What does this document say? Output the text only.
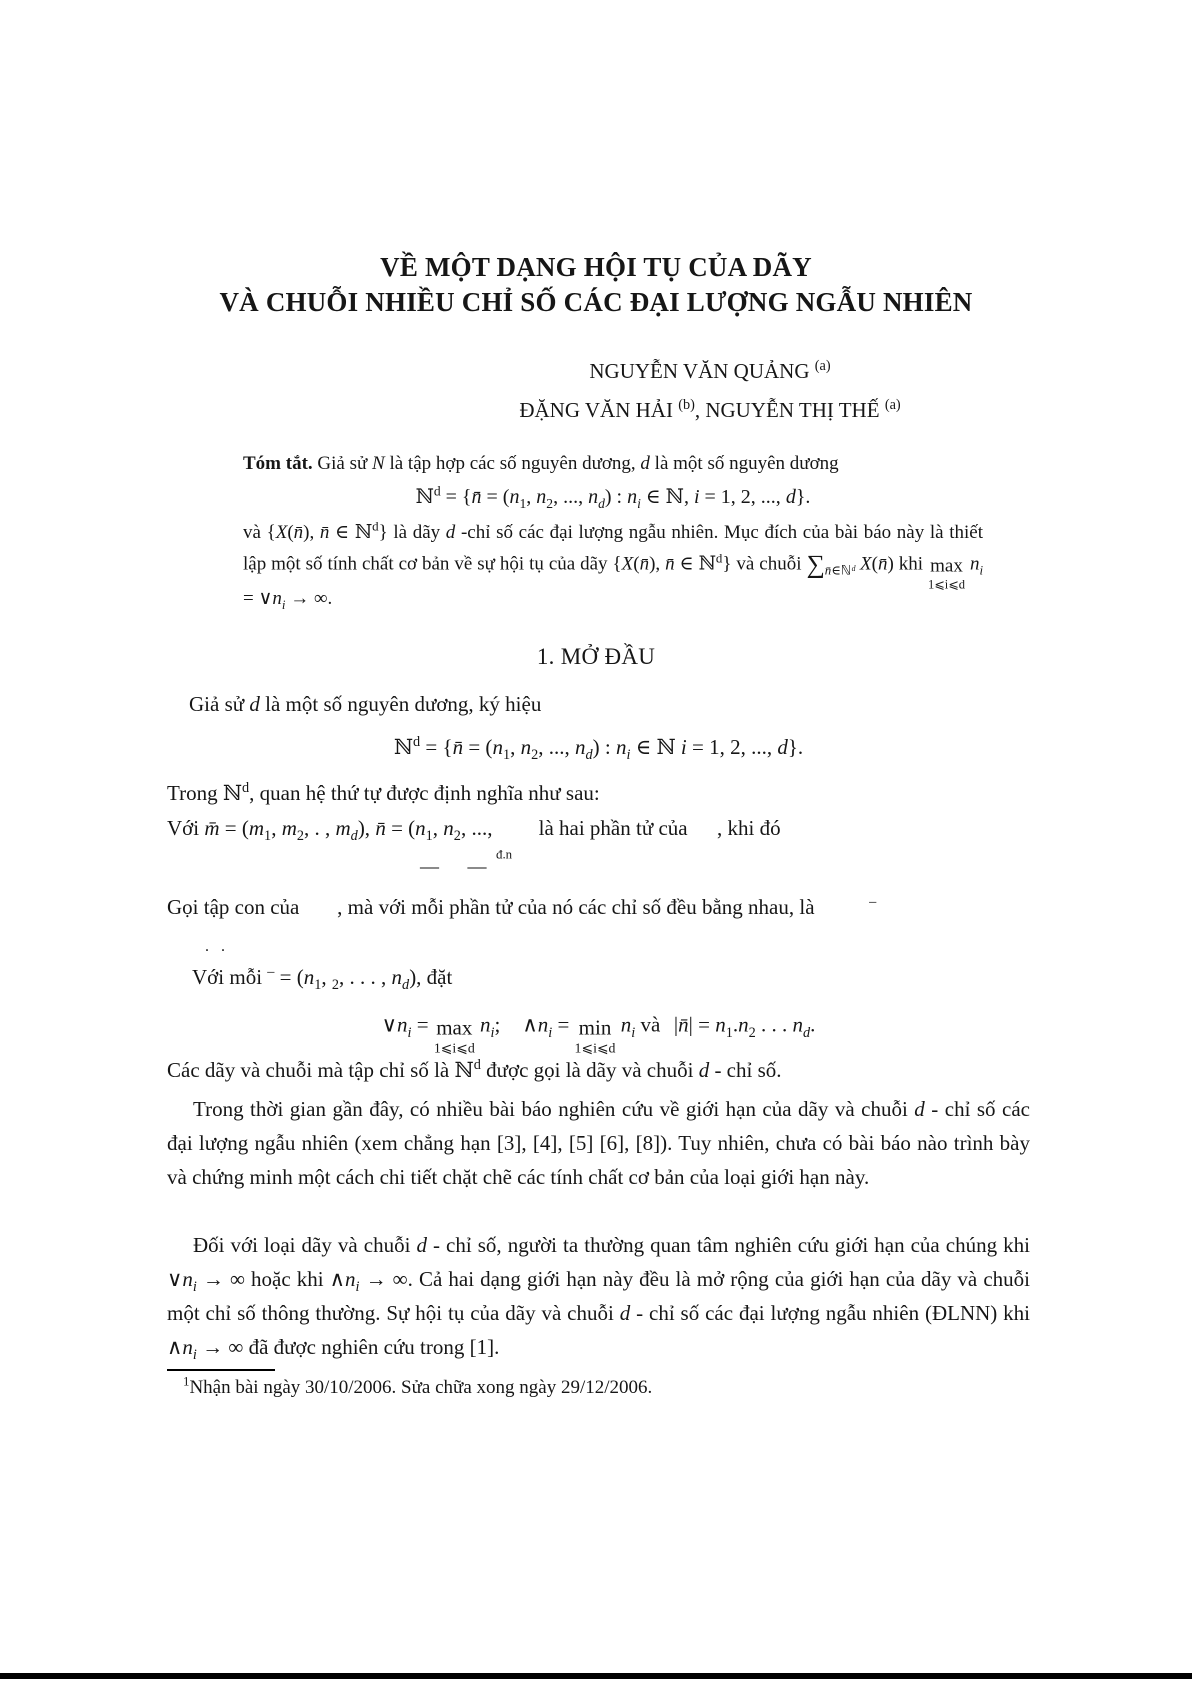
VỀ MỘT DẠNG HỘI TỤ CỦA DÃY
VÀ CHUỖI NHIỀU CHỈ SỐ CÁC ĐẠI LƯỢNG NGẪU NHIÊN
NGUYỄN VĂN QUẢNG $^{(a)}$
ĐẶNG VĂN HẢI $^{(b)}$, NGUYỄN THỊ THẾ $^{(a)}$
Tóm tắt. Giả sử N là tập hợp các số nguyên dương, d là một số nguyên dương
ℕ$^d$ = {n̄ = ($n_1$, $n_2$, ..., $n_d$) : $n_i$ ∈ ℕ, i = 1, 2, ..., d}.
và {X(n̄), n̄ ∈ ℕ$^d$} là dãy d -chỉ số các đại lượng ngẫu nhiên. Mục đích của bài báo này là thiết lập một số tính chất cơ bản về sự hội tụ của dãy {X(n̄), n̄ ∈ ℕ$^d$} và chuỗi $\sum_{n̄\in ℕᵈ}$ X(n̄) khi max
1⩽i⩽d
$n_i$ = $\vee n_i$ → ∞.
1. MỞ ĐẦU
Giả sử d là một số nguyên dương, ký hiệu
ℕ$^d$ = {n̄ = ($n_1$, $n_2$, ..., $n_d$) : $n_i$ ∈ ℕ i = 1, 2, ..., d}.
Trong ℕ$^d$, quan hệ thứ tự được định nghĩa như sau:
Với m̄ = ($m_1$, $m_2$, . , $m_d$), n̄ = ($n_1$, $n_2$, ..., là hai phần tử của , khi đó
— —$^{đ.n}$
Gọi tập con của , mà với mỗi phần tử của nó các chỉ số đều bằng nhau, là	–
. .
Với mỗi $^- = (n_1$, $_2$, . . . , $n_d$), đặt
$\vee n_i = \max$
1⩽i⩽d
$n_i$; $\wedge n_i = \min$
1⩽i⩽d
$n_i$ và |n̄| = $n_1.n_2$ . . . $n_d$.
Các dãy và chuỗi mà tập chỉ số là ℕ$^d$ được gọi là dãy và chuỗi d - chỉ số.
Trong thời gian gần đây, có nhiều bài báo nghiên cứu về giới hạn của dãy và chuỗi d - chỉ số các đại lượng ngẫu nhiên (xem chẳng hạn [3], [4], [5] [6], [8]). Tuy nhiên, chưa có bài báo nào trình bày và chứng minh một cách chi tiết chặt chẽ các tính chất cơ bản của loại giới hạn này.
Đối với loại dãy và chuỗi d - chỉ số, người ta thường quan tâm nghiên cứu giới hạn của chúng khi $\vee n_i$ → ∞ hoặc khi $\wedge n_i$ → ∞. Cả hai dạng giới hạn này đều là mở rộng của giới hạn của dãy và chuỗi một chỉ số thông thường. Sự hội tụ của dãy và chuỗi d - chỉ số các đại lượng ngẫu nhiên (ĐLNN) khi $\wedge n_i$ → ∞ đã được nghiên cứu trong [1].
$^1$Nhận bài ngày 30/10/2006. Sửa chữa xong ngày 29/12/2006.
